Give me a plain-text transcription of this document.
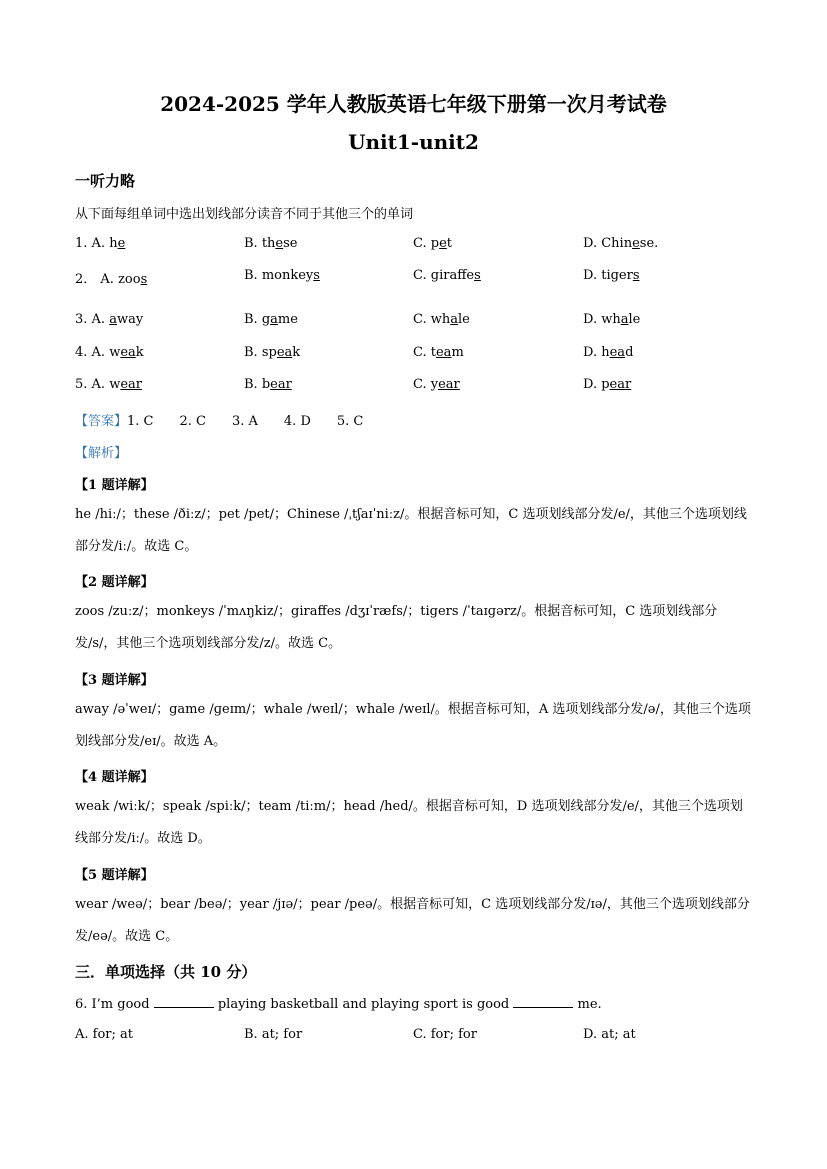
2024-2025 学年人教版英语七年级下册第一次月考试卷
Unit1-unit2
一听力略
从下面每组单词中选出划线部分读音不同于其他三个的单词
1. A. he	B. these	C. pet	D. Chinese.
2． A. zoos	B. monkeys	C. giraffes	D. tigers
3. A. away	B. game	C. whale	D. whale
4. A. weak	B. speak	C. team	D. head
5. A. wear	B. bear	C. year	D. pear
【答案】1. C　　2. C　　3. A　　4. D　　5. C
【解析】
【1 题详解】
he /hiː/；these /ðiːz/；pet /pet/；Chinese /ˌtʃaɪˈniːz/。根据音标可知，C 选项划线部分发/e/，其他三个选项划线部分发/iː/。故选 C。
【2 题详解】
zoos /zuːz/；monkeys /ˈmʌŋkiz/；giraffes /dʒɪˈræfs/；tigers /ˈtaɪɡərz/。根据音标可知，C 选项划线部分发/s/，其他三个选项划线部分发/z/。故选 C。
【3 题详解】
away /əˈweɪ/；game /ɡeɪm/；whale /weɪl/；whale /weɪl/。根据音标可知，A 选项划线部分发/ə/，其他三个选项划线部分发/eɪ/。故选 A。
【4 题详解】
weak /wiːk/；speak /spiːk/；team /tiːm/；head /hed/。根据音标可知，D 选项划线部分发/e/，其他三个选项划线部分发/iː/。故选 D。
【5 题详解】
wear /weə/；bear /beə/；year /jɪə/；pear /peə/。根据音标可知，C 选项划线部分发/ɪə/，其他三个选项划线部分发/eə/。故选 C。
三．单项选择（共 10 分）
6. I’m good	playing basketball and playing sport is good	me.
A. for; at	B. at; for	C. for; for	D. at; at
